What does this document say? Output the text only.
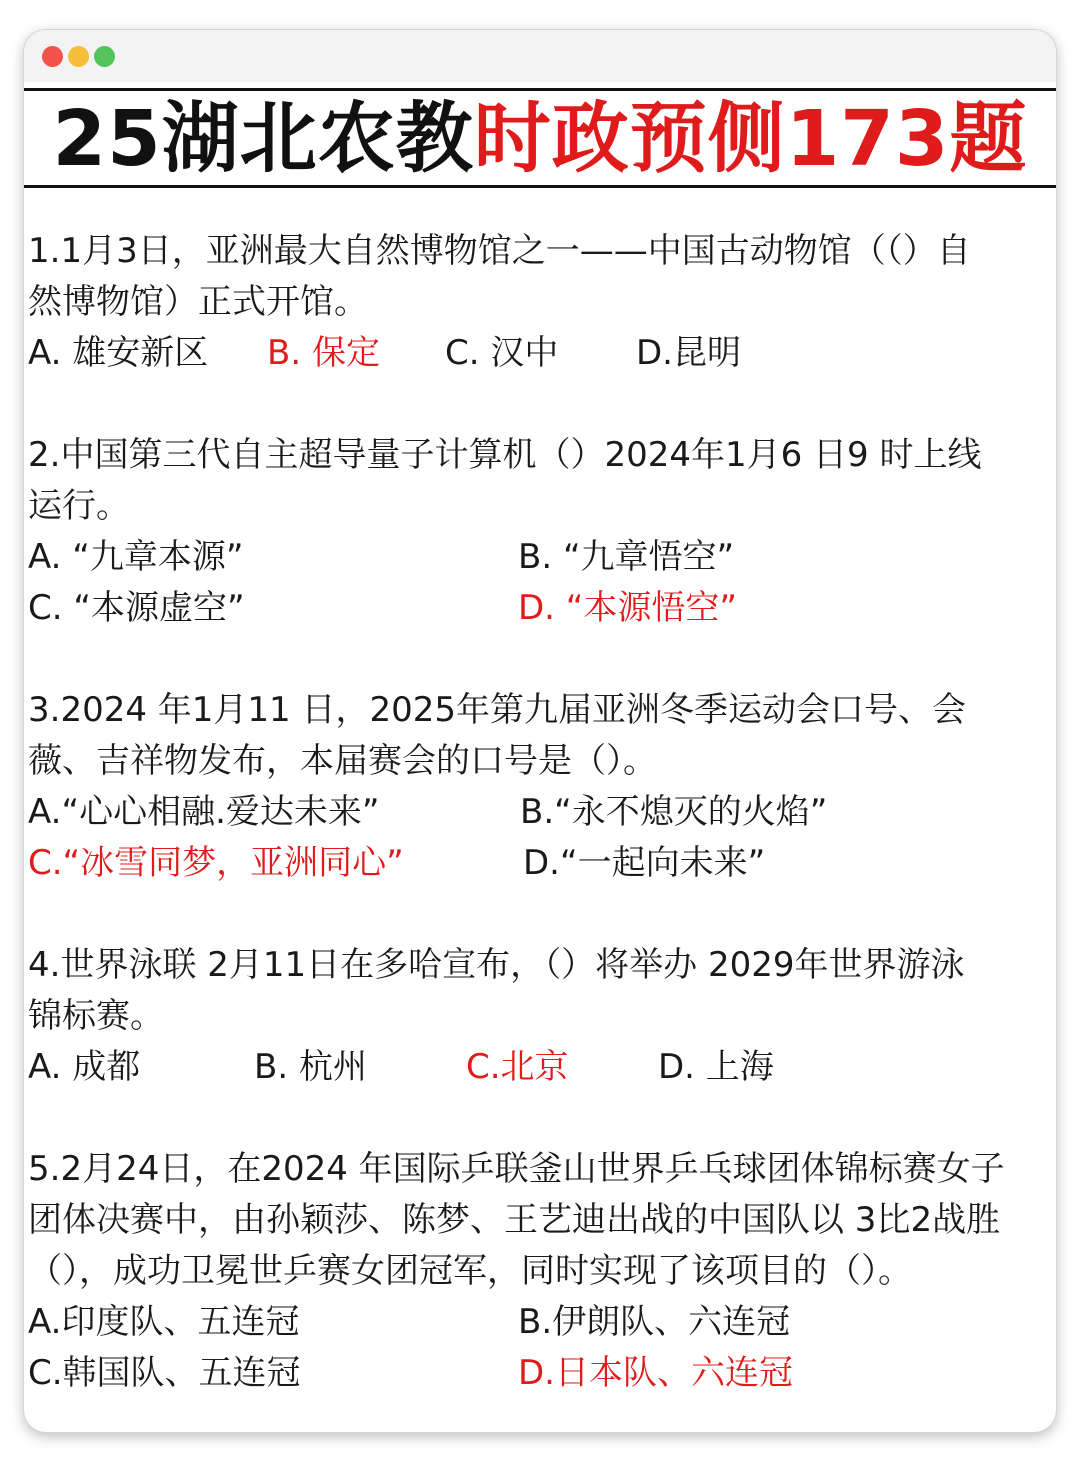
25湖北农教时政预侧173题
1.1月3日，亚洲最大自然博物馆之一——中国古动物馆（（）自
然博物馆）正式开馆。
A. 雄安新区 B. 保定 C. 汉中 D.昆明
2.中国第三代自主超导量子计算机（）2024年1月6 日9 时上线
运行。
A. “九章本源”	B. “九章悟空”
C. “本源虚空”	D. “本源悟空”
3.2024 年1月11 日，2025年第九届亚洲冬季运动会口号、会
薇、吉祥物发布，本届赛会的口号是（）。
A.“心心相融.爱达未来”	B.“永不熄灭的火焰”
C.“冰雪同梦，亚洲同心”	D.“一起向未来”
4.世界泳联 2月11日在多哈宣布，（）将举办 2029年世界游泳
锦标赛。
A. 成都	B. 杭州	C.北京	D. 上海
5.2月24日，在2024 年国际乒联釜山世界乒乓球团体锦标赛女子
团体决赛中，由孙颖莎、陈梦、王艺迪出战的中国队以 3比2战胜
（），成功卫冕世乒赛女团冠军，同时实现了该项目的（）。
A.印度队、五连冠	B.伊朗队、六连冠
C.韩国队、五连冠	D.日本队、六连冠
